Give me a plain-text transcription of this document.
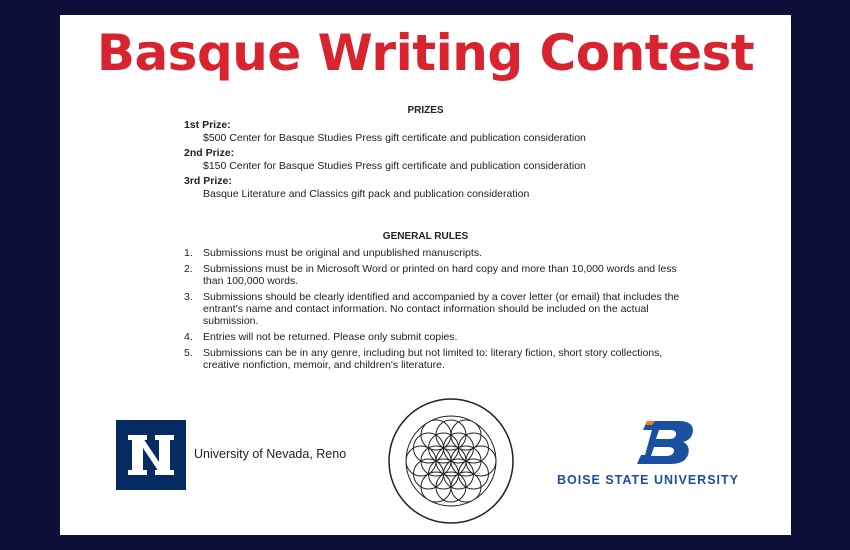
Basque Writing Contest
PRIZES
1st Prize:
$500 Center for Basque Studies Press gift certificate and publication consideration
2nd Prize:
$150 Center for Basque Studies Press gift certificate and publication consideration
3rd Prize:
Basque Literature and Classics gift pack and publication consideration
GENERAL RULES
1. Submissions must be original and unpublished manuscripts.
2. Submissions must be in Microsoft Word or printed on hard copy and more than 10,000 words and less than 100,000 words.
3. Submissions should be clearly identified and accompanied by a cover letter (or email) that includes the entrant's name and contact information. No contact information should be included on the actual submission.
4. Entries will not be returned. Please only submit copies.
5. Submissions can be in any genre, including but not limited to: literary fiction, short story collections, creative nonfiction, memoir, and children's literature.
University of Nevada, Reno
BOISE STATE UNIVERSITY
